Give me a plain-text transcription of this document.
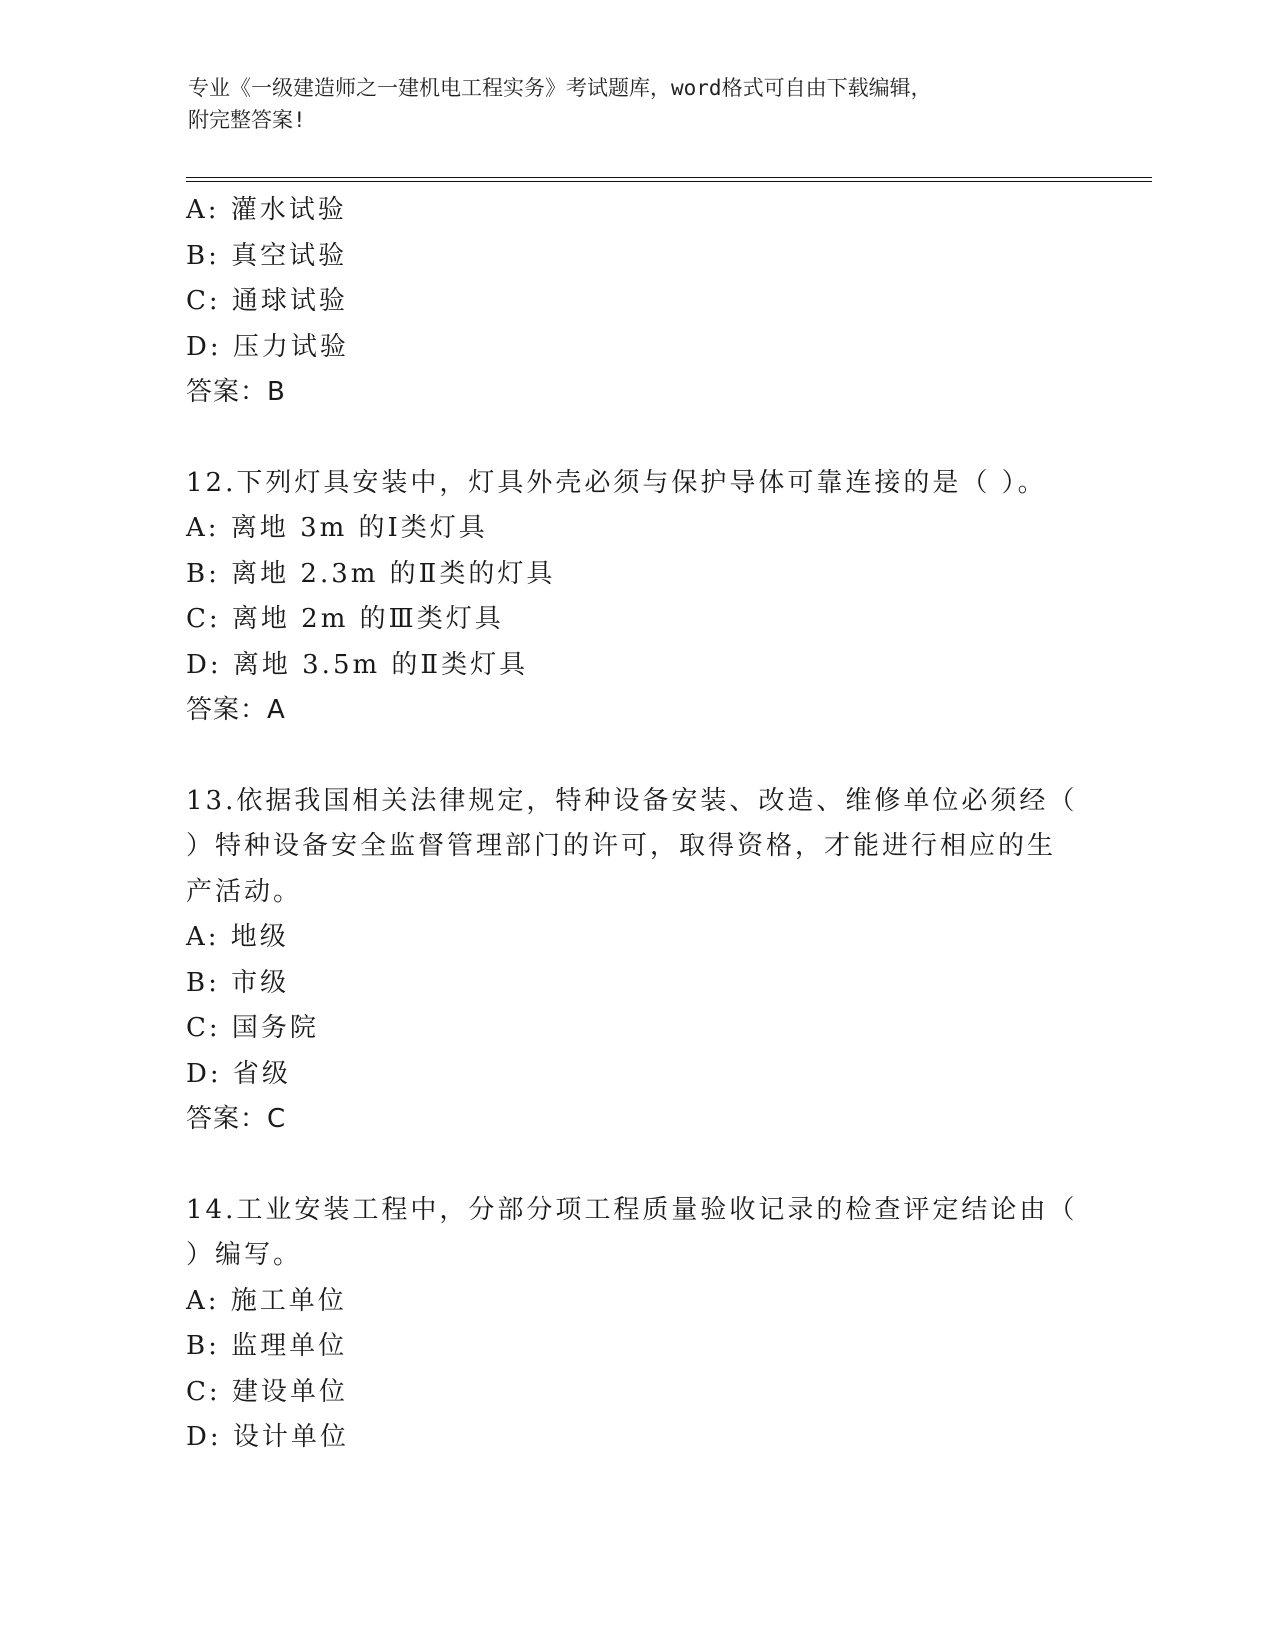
专业《一级建造师之一建机电工程实务》考试题库，word格式可自由下载编辑，
附完整答案!
A: 灌水试验
B: 真空试验
C: 通球试验
D: 压力试验
答案：B
12.下列灯具安装中，灯具外壳必须与保护导体可靠连接的是（ ）。
A: 离地 3m 的Ⅰ类灯具
B: 离地 2.3m 的Ⅱ类的灯具
C: 离地 2m 的Ⅲ类灯具
D: 离地 3.5m 的Ⅱ类灯具
答案：A
13.依据我国相关法律规定，特种设备安装、改造、维修单位必须经（
）特种设备安全监督管理部门的许可，取得资格，才能进行相应的生
产活动。
A: 地级
B: 市级
C: 国务院
D: 省级
答案：C
14.工业安装工程中，分部分项工程质量验收记录的检查评定结论由（
）编写。
A: 施工单位
B: 监理单位
C: 建设单位
D: 设计单位
